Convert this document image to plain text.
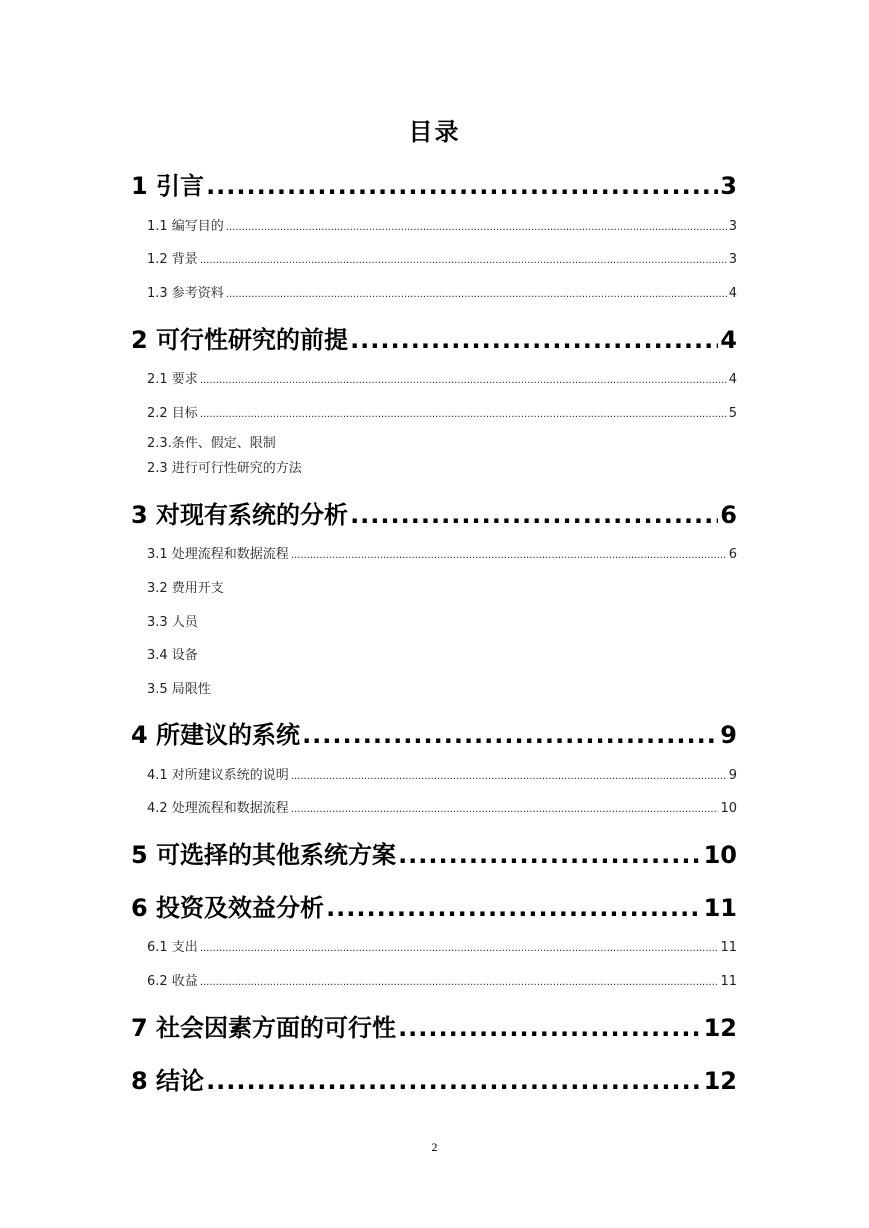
目录
1 引言 .....	3
1.1 编写目的 .....	3
1.2 背景 .....	3
1.3 参考资料 .....	4
2 可行性研究的前提 .....	4
2.1 要求 .....	4
2.2 目标 .....	5
2.3.条件、假定、限制
2.3 进行可行性研究的方法
3 对现有系统的分析 .....	6
3.1 处理流程和数据流程 .....	6
3.2 费用开支
3.3 人员
3.4 设备
3.5 局限性
4 所建议的系统 .....	9
4.1 对所建议系统的说明 .....	9
4.2 处理流程和数据流程 .....	10
5 可选择的其他系统方案 .....	10
6 投资及效益分析 .....	11
6.1 支出 .....	11
6.2 收益 .....	11
7 社会因素方面的可行性 .....	12
8 结论 .....	12
2
